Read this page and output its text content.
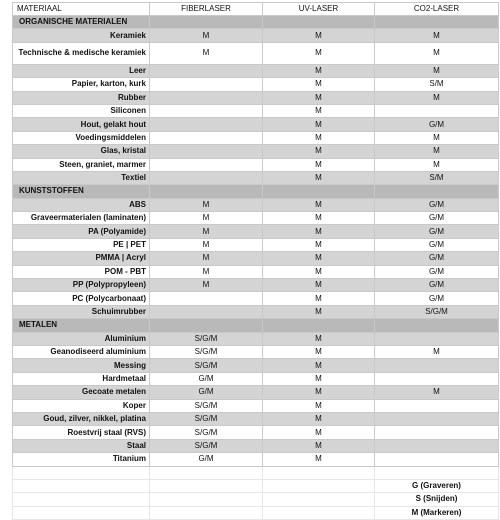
MATERIAAL	FIBERLASER	UV-LASER	CO2-LASER
ORGANISCHE MATERIALEN			
Keramiek	M	M	M
Technische & medische keramiek	M	M	M
Leer		M	M
Papier, karton, kurk		M	S/M
Rubber		M	M
Siliconen		M	
Hout, gelakt hout		M	G/M
Voedingsmiddelen		M	M
Glas, kristal		M	M
Steen, graniet, marmer		M	M
Textiel		M	S/M
KUNSTSTOFFEN			
ABS	M	M	G/M
Graveermaterialen (laminaten)	M	M	G/M
PA (Polyamide)	M	M	G/M
PE | PET	M	M	G/M
PMMA | Acryl	M	M	G/M
POM - PBT	M	M	G/M
PP (Polypropyleen)	M	M	G/M
PC (Polycarbonaat)		M	G/M
Schuimrubber		M	S/G/M
METALEN			
Aluminium	S/G/M	M	
Geanodiseerd aluminium	S/G/M	M	M
Messing	S/G/M	M	
Hardmetaal	G/M	M	
Gecoate metalen	G/M	M	M
Koper	S/G/M	M	
Goud, zilver, nikkel, platina	S/G/M	M	
Roestvrij staal (RVS)	S/G/M	M	
Staal	S/G/M	M	
Titanium	G/M	M	

			G (Graveren)
			S (Snijden)
			M (Markeren)
